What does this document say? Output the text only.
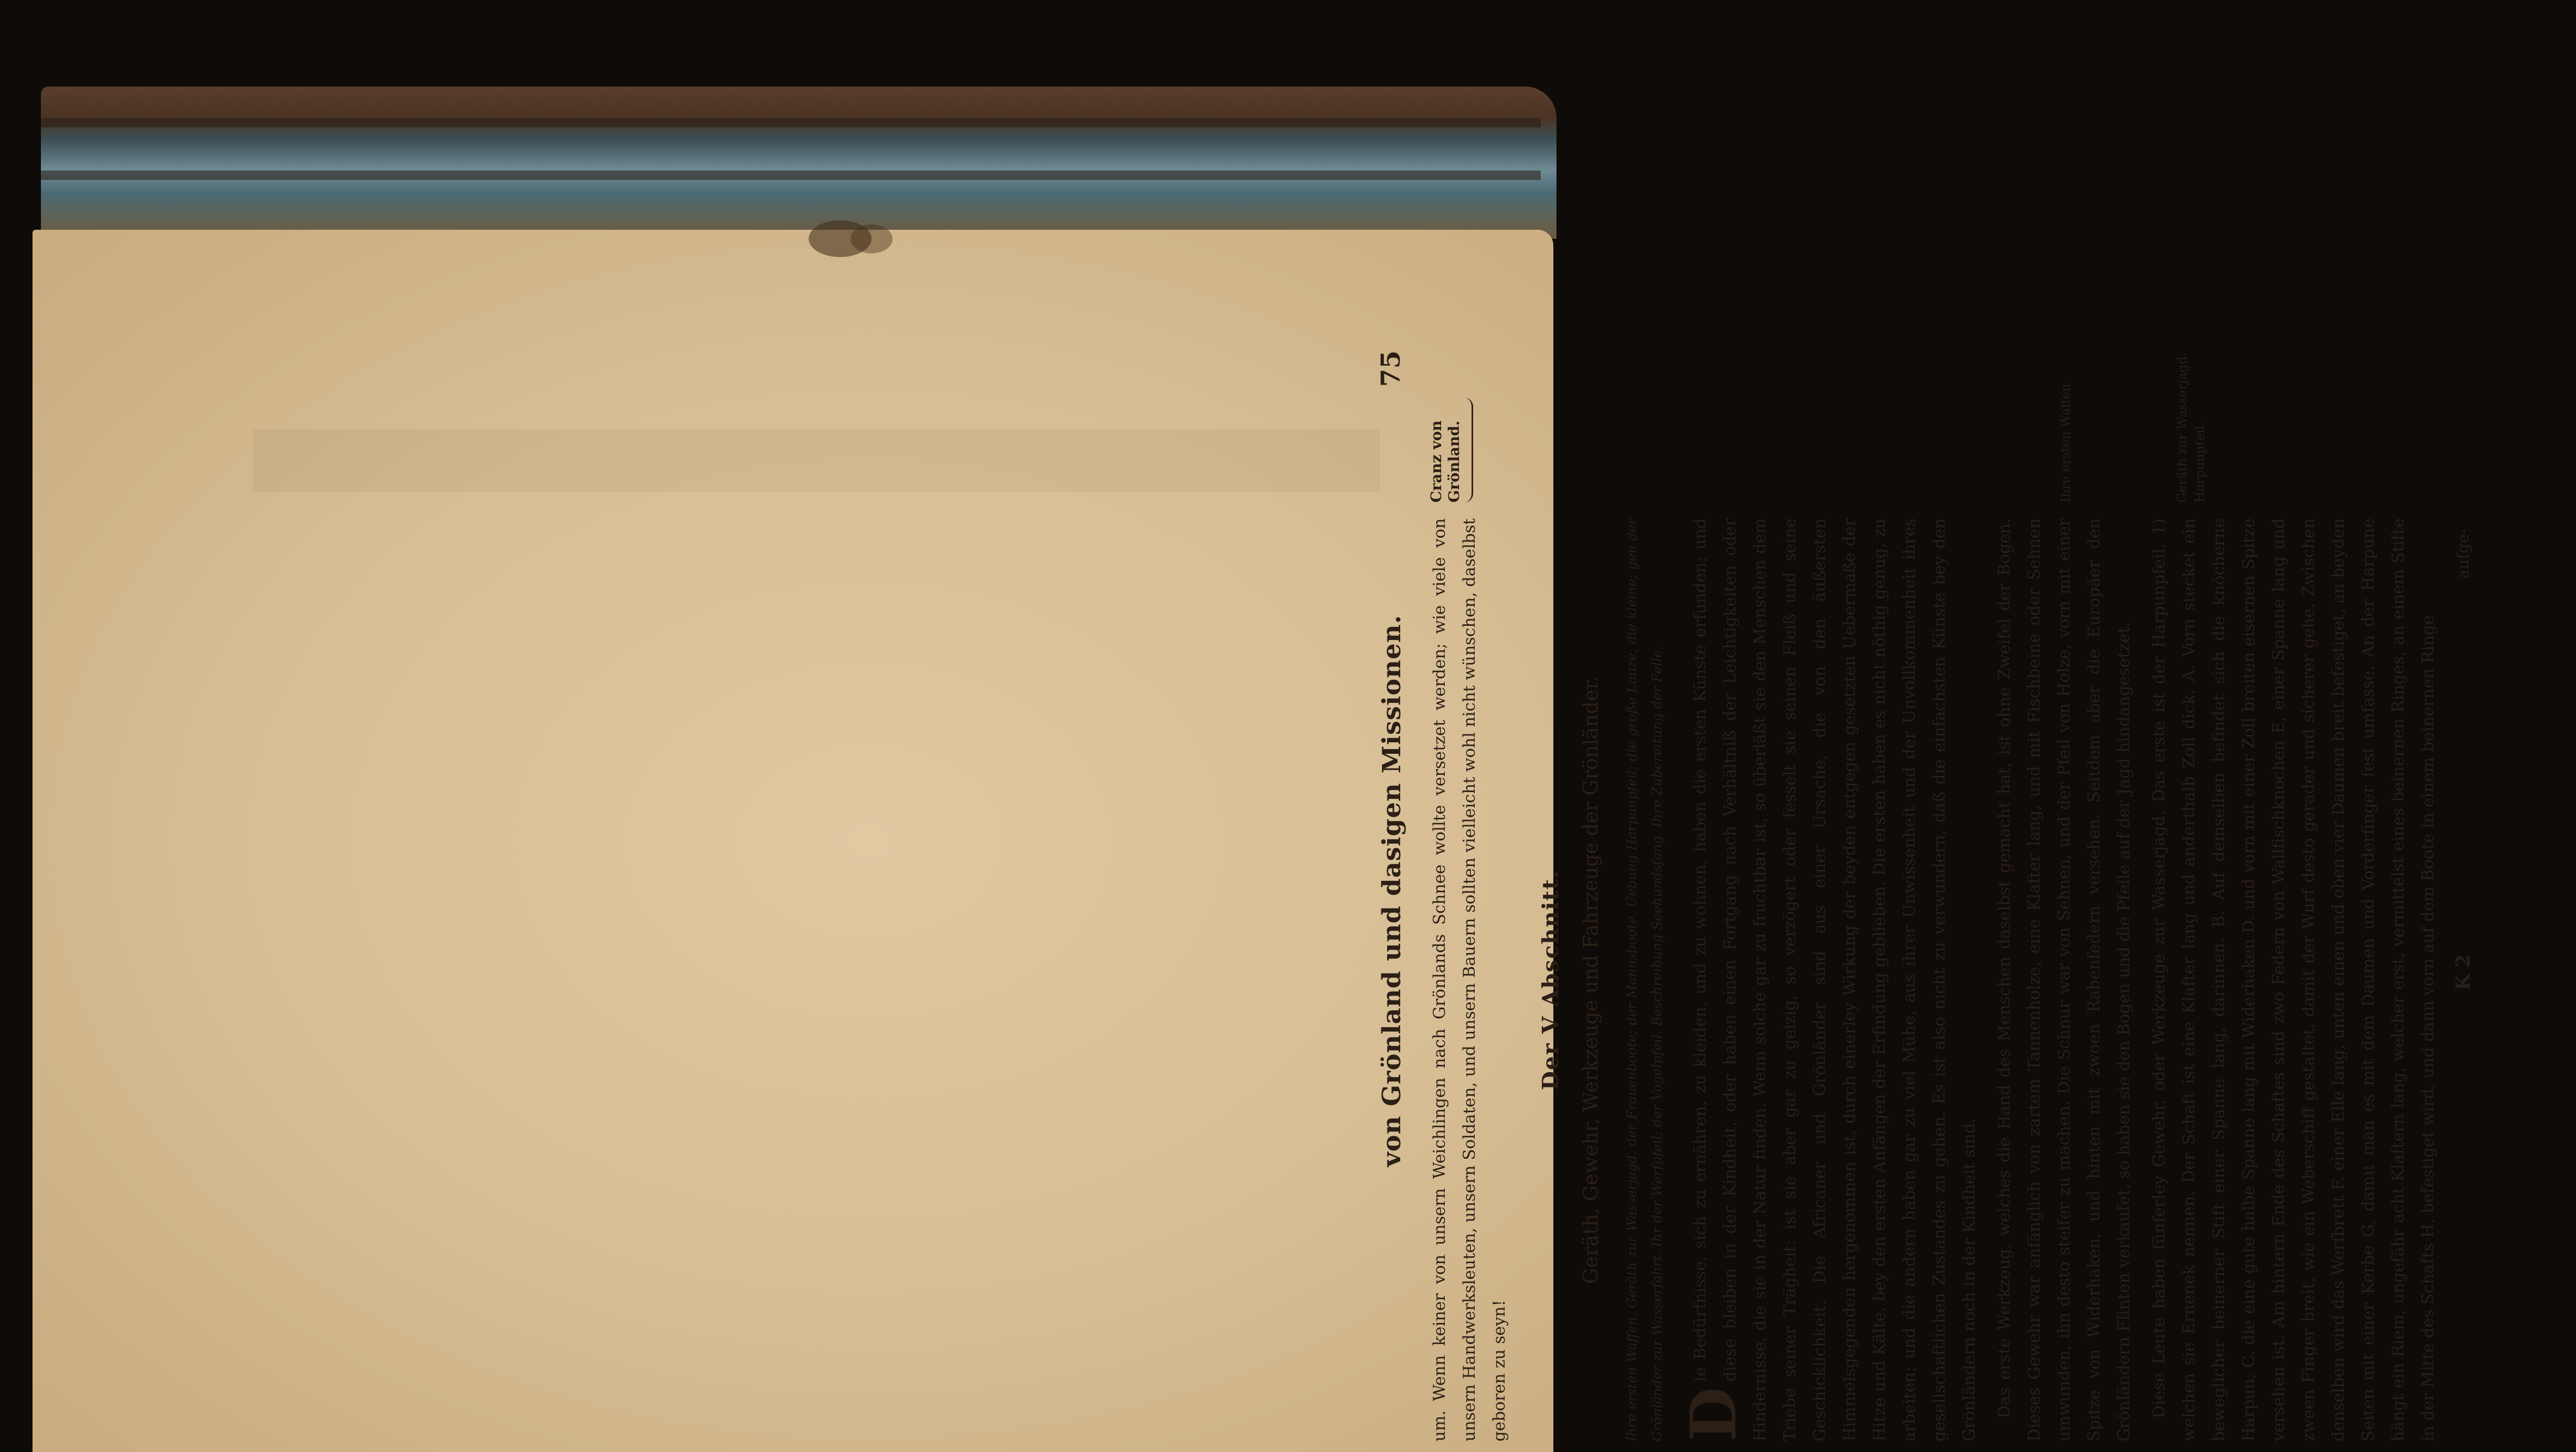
von Grönland und dasigen Missionen.
75

um. Wenn keiner von unsern Weichlingen nach Grönlands Schnee wollte versetzet werden; wie viele von unsern Handwerksleuten, unsern Soldaten, und unsern Bauern sollten vielleicht wohl nicht wünschen, daselbst geboren zu seyn!

Der V Abschnitt. Geräth, Gewehr, Werkzeuge und Fahrzeuge der Grönländer.	Ihre ersten Waffen. Geräth zur Wasserjagd. der Frauenboote; der Mannsboote. Uebung Harpunpfeil; die große Lanze; die kleine; gen der Grönländer zur Wasserfahrt. Ihr der Werfpfeil; der Vogelpfeil. Beschreibung Seehundsfang. Ihre Zubereitung der Felle. D
ie Bedürfnisse, sich zu ernähren, zu kleiden, und zu wohnen, haben die ersten Künste erfunden; und diese bleiben in der Kindheit, oder haben einen Fortgang nach Verhältniß der Leichtigkeiten oder Hindernisse, die sie in der Natur finden. Wenn solche gar zu fruchtbar ist, so überläßt sie den Menschen dem Triebe seiner Trägheit: ist sie aber gar zu geizig, so verzögert oder fesselt sie seinen Fleiß und seine Geschicklichkeit. Die Africaner und Grönländer sind aus einer Ursache, die von den äußersten Himmelsgegenden hergenommen ist, durch einerley Wirkung der beyden entgegen gesetzten Uebermaße der Hitze und Kälte, bey den ersten Anfängen der Erfindung geblieben. Die ersten haben es nicht nöthig genug, zu arbeiten; und die andern haben gar zu viel Mühe, aus ihrer Unwissenheit und der Unvollkommenheit ihres gesellschaftlichen Zustandes zu gehen. Es ist also nicht zu verwundern, daß die einfachsten Künste bey den Grönländern noch in der Kindheit sind.	Das erste Werkzeug, welches die Hand des Menschen daselbst gemacht hat, ist ohne Zweifel der Bogen. Dieses Gewehr war anfänglich von zartem Tannenholze, eine Klafter lang, und mit Fischbeine oder Sehnen umwunden, ihn desto steifer zu machen. Die Schnur war von Sehnen, und der Pfeil von Holze, vorn mit einer Spitze von Widerhaken, und hinten mit zwoen Rabenfedern versehen. Seitdem aber die Europäer den Grönländern Flinten verkaufet, so haben sie den Bogen und die Pfeile auf der Jagd hindangesetzet.	Diese Leute haben fünferley Gewehr, oder Werkzeuge zur Wasserjagd. Das erste ist der Harpunpfeil, 1) welchen sie Ernenek nennen. Der Schaft ist eine Klafter lang und anderthalb Zoll dick. A. Vorn stecket ein beweglicher beinerner Stift einer Spanne lang, darinnen. B. Auf demselben befindet sich die knöcherne Harpun, C. die eine gute halbe Spanne lang mit Widerhaken D. und vorn mit einer Zoll breiten eisernen Spitze versehen ist. Am hintern Ende des Schaftes sind zwo Federn von Wallfischknochen E, einer Spanne lang und zween Finger breit, wie ein Weberschiff gestaltet, damit der Wurf desto gerader und sicherer gehe. Zwischen denselben wird das Werfbrett F. einer Elle lang, unten einen und oben vier Daumen breit befestiget, an beyden Seiten mit einer Kerbe G, damit man es mit dem Daumen und Vorderfinger fest umfasse. An der Harpune hängt ein Riem, ungefähr acht Klaftern lang, welcher erst, vermittelst eines beinernen Ringes, an einem Stifte in der Mitte des Schafts H. befestiget wird, und dann vorn auf dem Boote in einem beinernen Ringe K 2
aufge-
Cranz von Grönland.	Ihre ersten Waffen.	Geräth zur Wasserjagd. Harpunpfeil.
